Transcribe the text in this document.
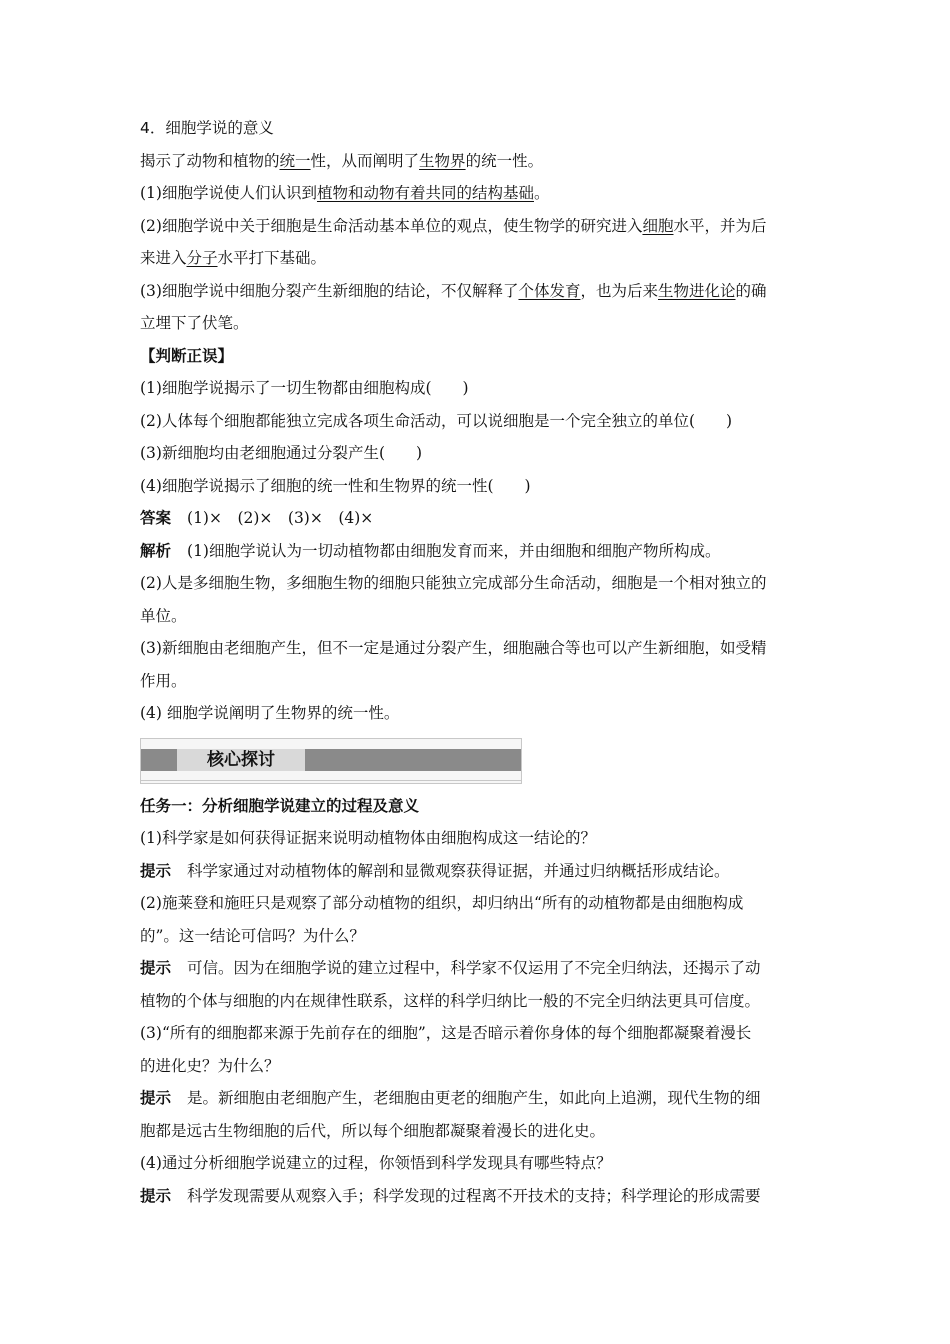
4．细胞学说的意义
揭示了动物和植物的统一性，从而阐明了生物界的统一性。
(1)细胞学说使人们认识到植物和动物有着共同的结构基础。
(2)细胞学说中关于细胞是生命活动基本单位的观点，使生物学的研究进入细胞水平，并为后
来进入分子水平打下基础。
(3)细胞学说中细胞分裂产生新细胞的结论，不仅解释了个体发育，也为后来生物进化论的确
立埋下了伏笔。
【判断正误】
(1)细胞学说揭示了一切生物都由细胞构成(　　)
(2)人体每个细胞都能独立完成各项生命活动，可以说细胞是一个完全独立的单位(　　)
(3)新细胞均由老细胞通过分裂产生(　　)
(4)细胞学说揭示了细胞的统一性和生物界的统一性(　　)
答案 (1)×　(2)×　(3)×　(4)×
解析 (1)细胞学说认为一切动植物都由细胞发育而来，并由细胞和细胞产物所构成。
(2)人是多细胞生物，多细胞生物的细胞只能独立完成部分生命活动，细胞是一个相对独立的
单位。
(3)新细胞由老细胞产生，但不一定是通过分裂产生，细胞融合等也可以产生新细胞，如受精
作用。
(4) 细胞学说阐明了生物界的统一性。
核心探讨
任务一：分析细胞学说建立的过程及意义
(1)科学家是如何获得证据来说明动植物体由细胞构成这一结论的？
提示 科学家通过对动植物体的解剖和显微观察获得证据，并通过归纳概括形成结论。
(2)施莱登和施旺只是观察了部分动植物的组织，却归纳出“所有的动植物都是由细胞构成
的”。这一结论可信吗？为什么？
提示 可信。因为在细胞学说的建立过程中，科学家不仅运用了不完全归纳法，还揭示了动
植物的个体与细胞的内在规律性联系，这样的科学归纳比一般的不完全归纳法更具可信度。
(3)“所有的细胞都来源于先前存在的细胞”，这是否暗示着你身体的每个细胞都凝聚着漫长
的进化史？为什么？
提示 是。新细胞由老细胞产生，老细胞由更老的细胞产生，如此向上追溯，现代生物的细
胞都是远古生物细胞的后代，所以每个细胞都凝聚着漫长的进化史。
(4)通过分析细胞学说建立的过程，你领悟到科学发现具有哪些特点？
提示 科学发现需要从观察入手；科学发现的过程离不开技术的支持；科学理论的形成需要
